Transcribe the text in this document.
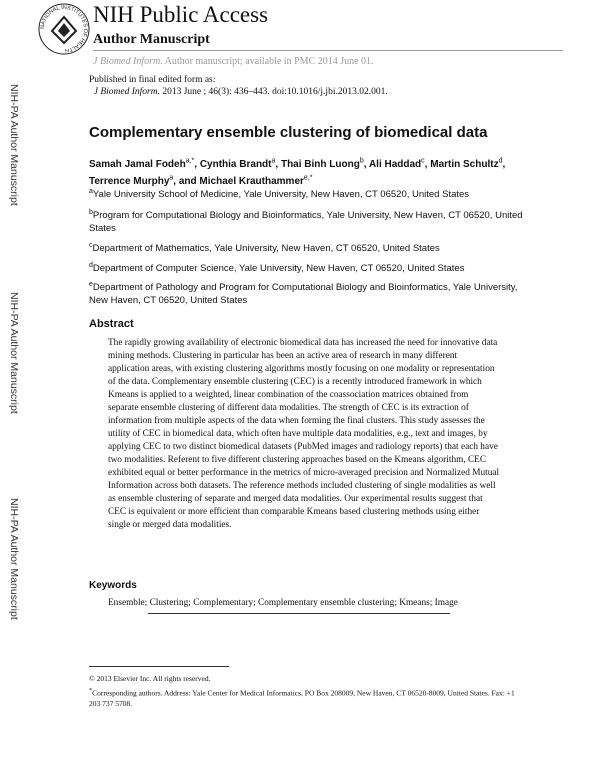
NIH-PA Author Manuscript
NIH-PA Author Manuscript
NIH-PA Author Manuscript
NATIONAL INSTITUTES OF HEALTH
NIH Public Access
Author Manuscript
J Biomed Inform. Author manuscript; available in PMC 2014 June 01.
Published in final edited form as:
J Biomed Inform. 2013 June ; 46(3): 436–443. doi:10.1016/j.jbi.2013.02.001.
Complementary ensemble clustering of biomedical data
Samah Jamal Fodeh$^{a,*}$, Cynthia Brandt$^a$, Thai Binh Luong$^b$, Ali Haddad$^c$, Martin Schultz$^d$, Terrence Murphy$^a$, and Michael Krauthammer$^{e,*}$
$^a$Yale University School of Medicine, Yale University, New Haven, CT 06520, United States
$^b$Program for Computational Biology and Bioinformatics, Yale University, New Haven, CT 06520, United States
$^c$Department of Mathematics, Yale University, New Haven, CT 06520, United States
$^d$Department of Computer Science, Yale University, New Haven, CT 06520, United States
$^e$Department of Pathology and Program for Computational Biology and Bioinformatics, Yale University, New Haven, CT 06520, United States
Abstract
The rapidly growing availability of electronic biomedical data has increased the need for innovative data mining methods. Clustering in particular has been an active area of research in many different application areas, with existing clustering algorithms mostly focusing on one modality or representation of the data. Complementary ensemble clustering (CEC) is a recently introduced framework in which Kmeans is applied to a weighted, linear combination of the coassociation matrices obtained from separate ensemble clustering of different data modalities. The strength of CEC is its extraction of information from multiple aspects of the data when forming the final clusters. This study assesses the utility of CEC in biomedical data, which often have multiple data modalities, e.g., text and images, by applying CEC to two distinct biomedical datasets (PubMed images and radiology reports) that each have two modalities. Referent to five different clustering approaches based on the Kmeans algorithm, CEC exhibited equal or better performance in the metrics of micro-averaged precision and Normalized Mutual Information across both datasets. The reference methods included clustering of single modalities as well as ensemble clustering of separate and merged data modalities. Our experimental results suggest that CEC is equivalent or more efficient than comparable Kmeans based clustering methods using either single or merged data modalities.
Keywords
Ensemble; Clustering; Complementary; Complementary ensemble clustering; Kmeans; Image
© 2013 Elsevier Inc. All rights reserved.
*Corresponding authors. Address: Yale Center for Medical Informatics, PO Box 208009, New Haven, CT 06520-8009, United States. Fax: +1 203 737 5708.
